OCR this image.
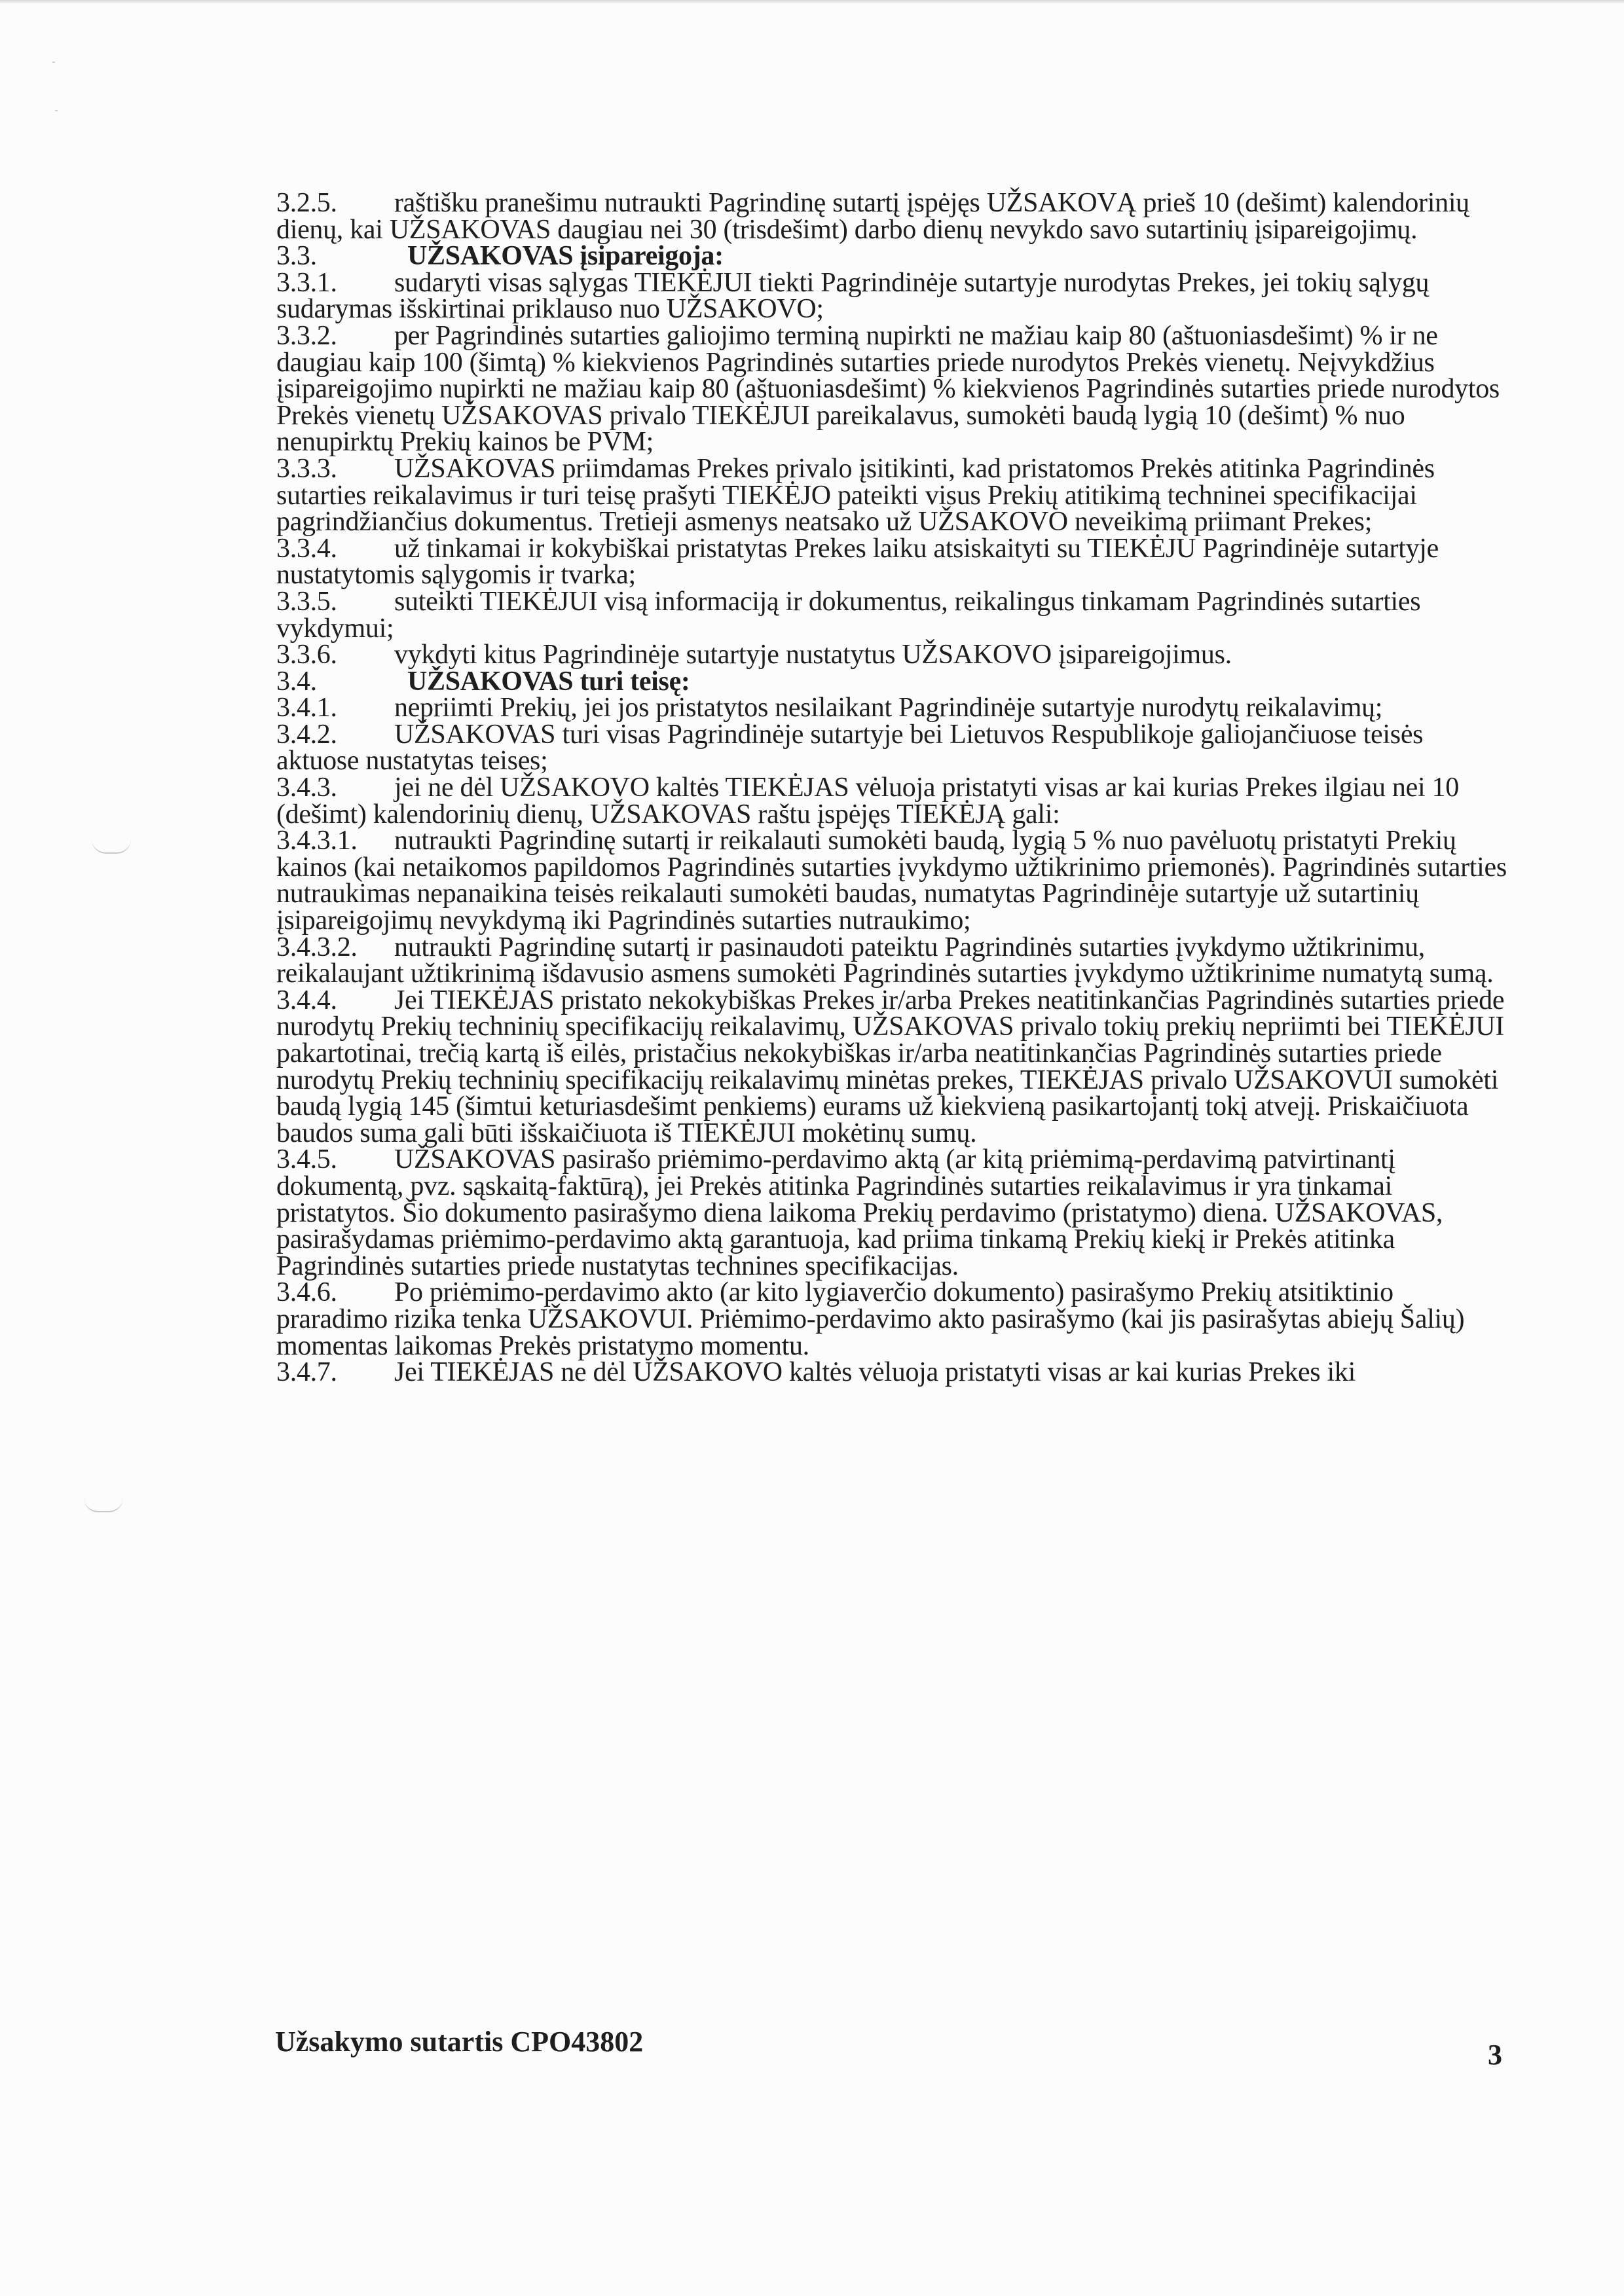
3.2.5. raštišku pranešimu nutraukti Pagrindinę sutartį įspėjęs UŽSAKOVĄ prieš 10 (dešimt) kalendorinių dienų, kai UŽSAKOVAS daugiau nei 30 (trisdešimt) darbo dienų nevykdo savo sutartinių įsipareigojimų.

3.3.	UŽSAKOVAS įsipareigoja:

3.3.1. sudaryti visas sąlygas TIEKĖJUI tiekti Pagrindinėje sutartyje nurodytas Prekes, jei tokių sąlygų sudarymas išskirtinai priklauso nuo UŽSAKOVO;

3.3.2. per Pagrindinės sutarties galiojimo terminą nupirkti ne mažiau kaip 80 (aštuoniasdešimt) % ir ne daugiau kaip 100 (šimtą) % kiekvienos Pagrindinės sutarties priede nurodytos Prekės vienetų. Neįvykdžius įsipareigojimo nupirkti ne mažiau kaip 80 (aštuoniasdešimt) % kiekvienos Pagrindinės sutarties priede nurodytos Prekės vienetų UŽSAKOVAS privalo TIEKĖJUI pareikalavus, sumokėti baudą lygią 10 (dešimt) % nuo nenupirktų Prekių kainos be PVM;

3.3.3. UŽSAKOVAS priimdamas Prekes privalo įsitikinti, kad pristatomos Prekės atitinka Pagrindinės sutarties reikalavimus ir turi teisę prašyti TIEKĖJO pateikti visus Prekių atitikimą techninei specifikacijai pagrindžiančius dokumentus. Tretieji asmenys neatsako už UŽSAKOVO neveikimą priimant Prekes;

3.3.4. už tinkamai ir kokybiškai pristatytas Prekes laiku atsiskaityti su TIEKĖJU Pagrindinėje sutartyje nustatytomis sąlygomis ir tvarka;

3.3.5. suteikti TIEKĖJUI visą informaciją ir dokumentus, reikalingus tinkamam Pagrindinės sutarties vykdymui;

3.3.6. vykdyti kitus Pagrindinėje sutartyje nustatytus UŽSAKOVO įsipareigojimus.

3.4.	UŽSAKOVAS turi teisę:

3.4.1. nepriimti Prekių, jei jos pristatytos nesilaikant Pagrindinėje sutartyje nurodytų reikalavimų;

3.4.2. UŽSAKOVAS turi visas Pagrindinėje sutartyje bei Lietuvos Respublikoje galiojančiuose teisės aktuose nustatytas teises;

3.4.3. jei ne dėl UŽSAKOVO kaltės TIEKĖJAS vėluoja pristatyti visas ar kai kurias Prekes ilgiau nei 10 (dešimt) kalendorinių dienų, UŽSAKOVAS raštu įspėjęs TIEKĖJĄ gali:

3.4.3.1. nutraukti Pagrindinę sutartį ir reikalauti sumokėti baudą, lygią 5 % nuo pavėluotų pristatyti Prekių kainos (kai netaikomos papildomos Pagrindinės sutarties įvykdymo užtikrinimo priemonės). Pagrindinės sutarties nutraukimas nepanaikina teisės reikalauti sumokėti baudas, numatytas Pagrindinėje sutartyje už sutartinių įsipareigojimų nevykdymą iki Pagrindinės sutarties nutraukimo;

3.4.3.2. nutraukti Pagrindinę sutartį ir pasinaudoti pateiktu Pagrindinės sutarties įvykdymo užtikrinimu, reikalaujant užtikrinimą išdavusio asmens sumokėti Pagrindinės sutarties įvykdymo užtikrinime numatytą sumą.

3.4.4. Jei TIEKĖJAS pristato nekokybiškas Prekes ir/arba Prekes neatitinkančias Pagrindinės sutarties priede nurodytų Prekių techninių specifikacijų reikalavimų, UŽSAKOVAS privalo tokių prekių nepriimti bei TIEKĖJUI pakartotinai, trečią kartą iš eilės, pristačius nekokybiškas ir/arba neatitinkančias Pagrindinės sutarties priede nurodytų Prekių techninių specifikacijų reikalavimų minėtas prekes, TIEKĖJAS privalo UŽSAKOVUI sumokėti baudą lygią 145 (šimtui keturiasdešimt penkiems) eurams už kiekvieną pasikartojantį tokį atvejį. Priskaičiuota baudos suma gali būti išskaičiuota iš TIEKĖJUI mokėtinų sumų.

3.4.5. UŽSAKOVAS pasirašo priėmimo-perdavimo aktą (ar kitą priėmimą-perdavimą patvirtinantį dokumentą, pvz. sąskaitą-faktūrą), jei Prekės atitinka Pagrindinės sutarties reikalavimus ir yra tinkamai pristatytos. Šio dokumento pasirašymo diena laikoma Prekių perdavimo (pristatymo) diena. UŽSAKOVAS, pasirašydamas priėmimo-perdavimo aktą garantuoja, kad priima tinkamą Prekių kiekį ir Prekės atitinka Pagrindinės sutarties priede nustatytas technines specifikacijas.

3.4.6. Po priėmimo-perdavimo akto (ar kito lygiaverčio dokumento) pasirašymo Prekių atsitiktinio praradimo rizika tenka UŽSAKOVUI. Priėmimo-perdavimo akto pasirašymo (kai jis pasirašytas abiejų Šalių) momentas laikomas Prekės pristatymo momentu.

3.4.7. Jei TIEKĖJAS ne dėl UŽSAKOVO kaltės vėluoja pristatyti visas ar kai kurias Prekes iki

Užsakymo sutartis CPO43802	3
